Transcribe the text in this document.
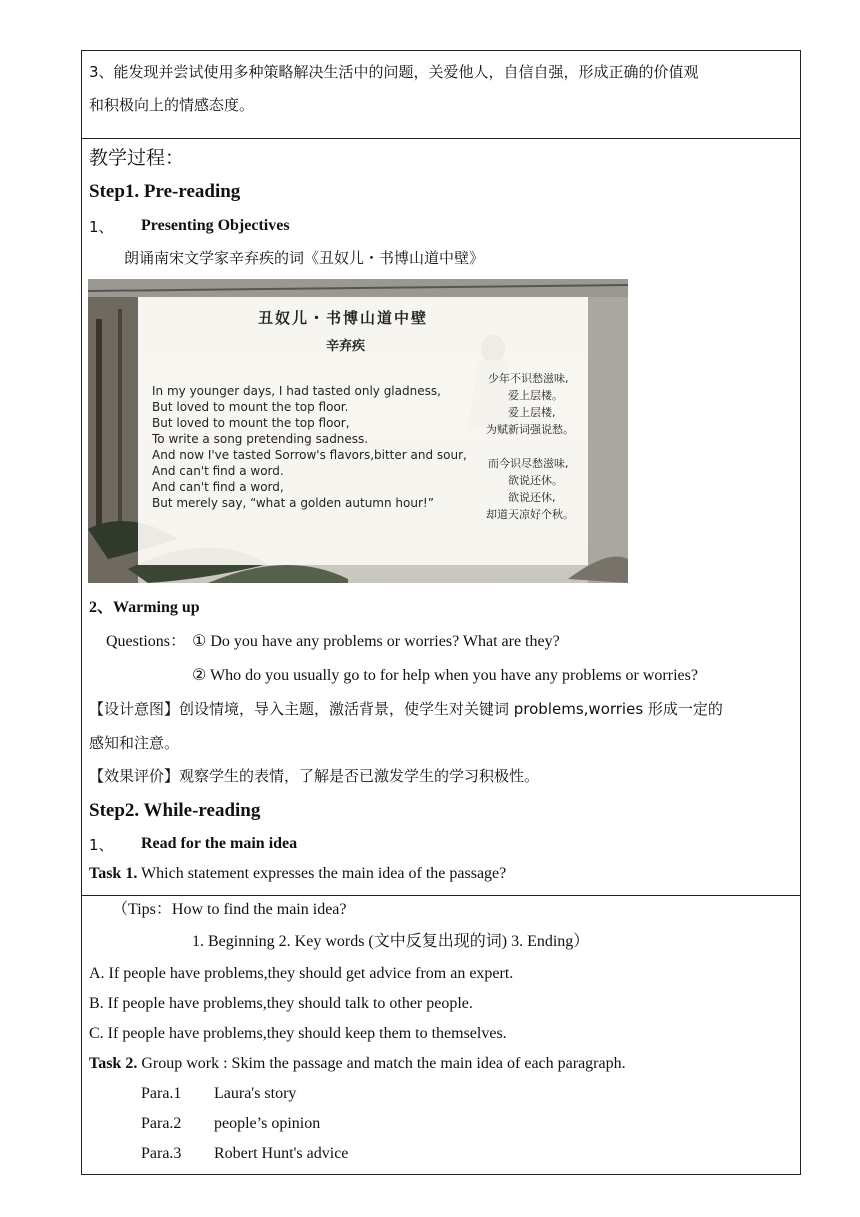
3、能发现并尝试使用多种策略解决生活中的问题，关爱他人，自信自强，形成正确的价值观
和积极向上的情感态度。
教学过程：
Step1. Pre-reading
1、 Presenting Objectives
朗诵南宋文学家辛弃疾的词《丑奴儿・书博山道中壁》
丑奴儿・书博山道中壁
辛弃疾
In my younger days, I had tasted only gladness,
But loved to mount the top floor.
But loved to mount the top floor,
To write a song pretending sadness.
And now I've tasted Sorrow's flavors,bitter and sour,
And can't find a word.
And can't find a word,
But merely say, “what a golden autumn hour!”
少年不识愁滋味,
爱上层楼。
爱上层楼,
为赋新词强说愁。
而今识尽愁滋味,
欲说还休。
欲说还休,
却道天凉好个秋。
2、Warming up
Questions： ① Do you have any problems or worries? What are they?
② Who do you usually go to for help when you have any problems or worries?
【设计意图】创设情境，导入主题，激活背景，使学生对关键词 problems,worries 形成一定的
感知和注意。
【效果评价】观察学生的表情，了解是否已激发学生的学习积极性。
Step2. While-reading
1、 Read for the main idea
Task 1. Which statement expresses the main idea of the passage?
（Tips：How to find the main idea?
1. Beginning 2. Key words (文中反复出现的词) 3. Ending）
A. If people have problems,they should get advice from an expert.
B. If people have problems,they should talk to other people.
C. If people have problems,they should keep them to themselves.
Task 2. Group work : Skim the passage and match the main idea of each paragraph.
Para.1 Laura's story
Para.2 people’s opinion
Para.3 Robert Hunt's advice
